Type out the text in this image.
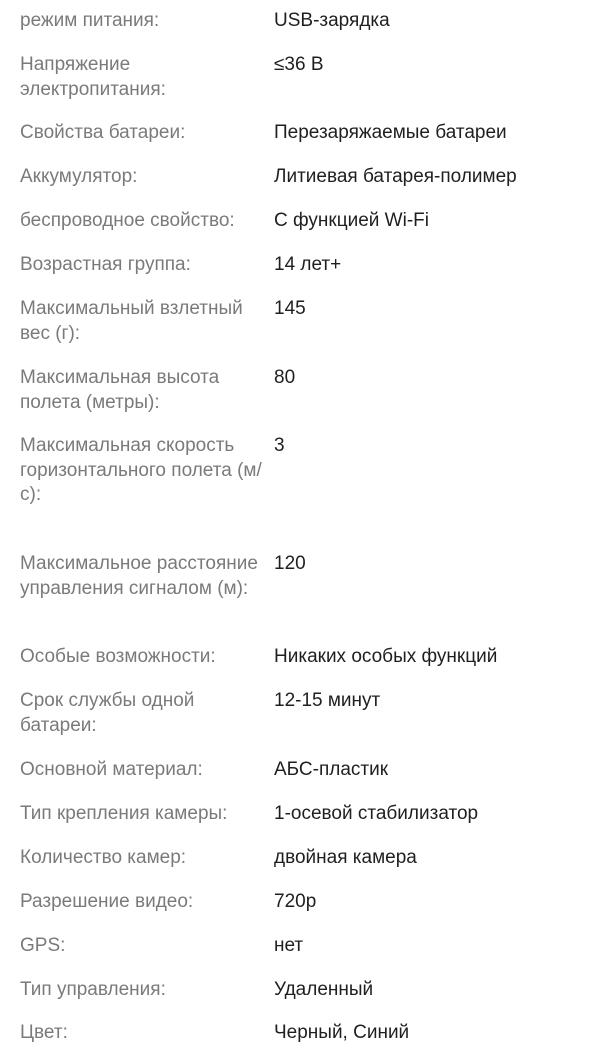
режим питания:	USB-зарядка
Напряжение электропитания:
≤36 В
Свойства батареи:	Перезаряжаемые батареи
Аккумулятор:	Литиевая батарея-полимер
беспроводное свойство:	С функцией Wi-Fi
Возрастная группа:	14 лет+
Максимальный взлетный вес (г):
145
Максимальная высота полета (метры):
80
Максимальная скорость горизонтального полета (м/с):
3
Максимальное расстояние управления сигналом (м):
120
Особые возможности:	Никаких особых функций
Срок службы одной батареи:
12-15 минут
Основной материал:	АБС-пластик
Тип крепления камеры:	1-осевой стабилизатор
Количество камер:	двойная камера
Разрешение видео:	720p
GPS:	нет
Тип управления:	Удаленный
Цвет:	Черный, Синий
